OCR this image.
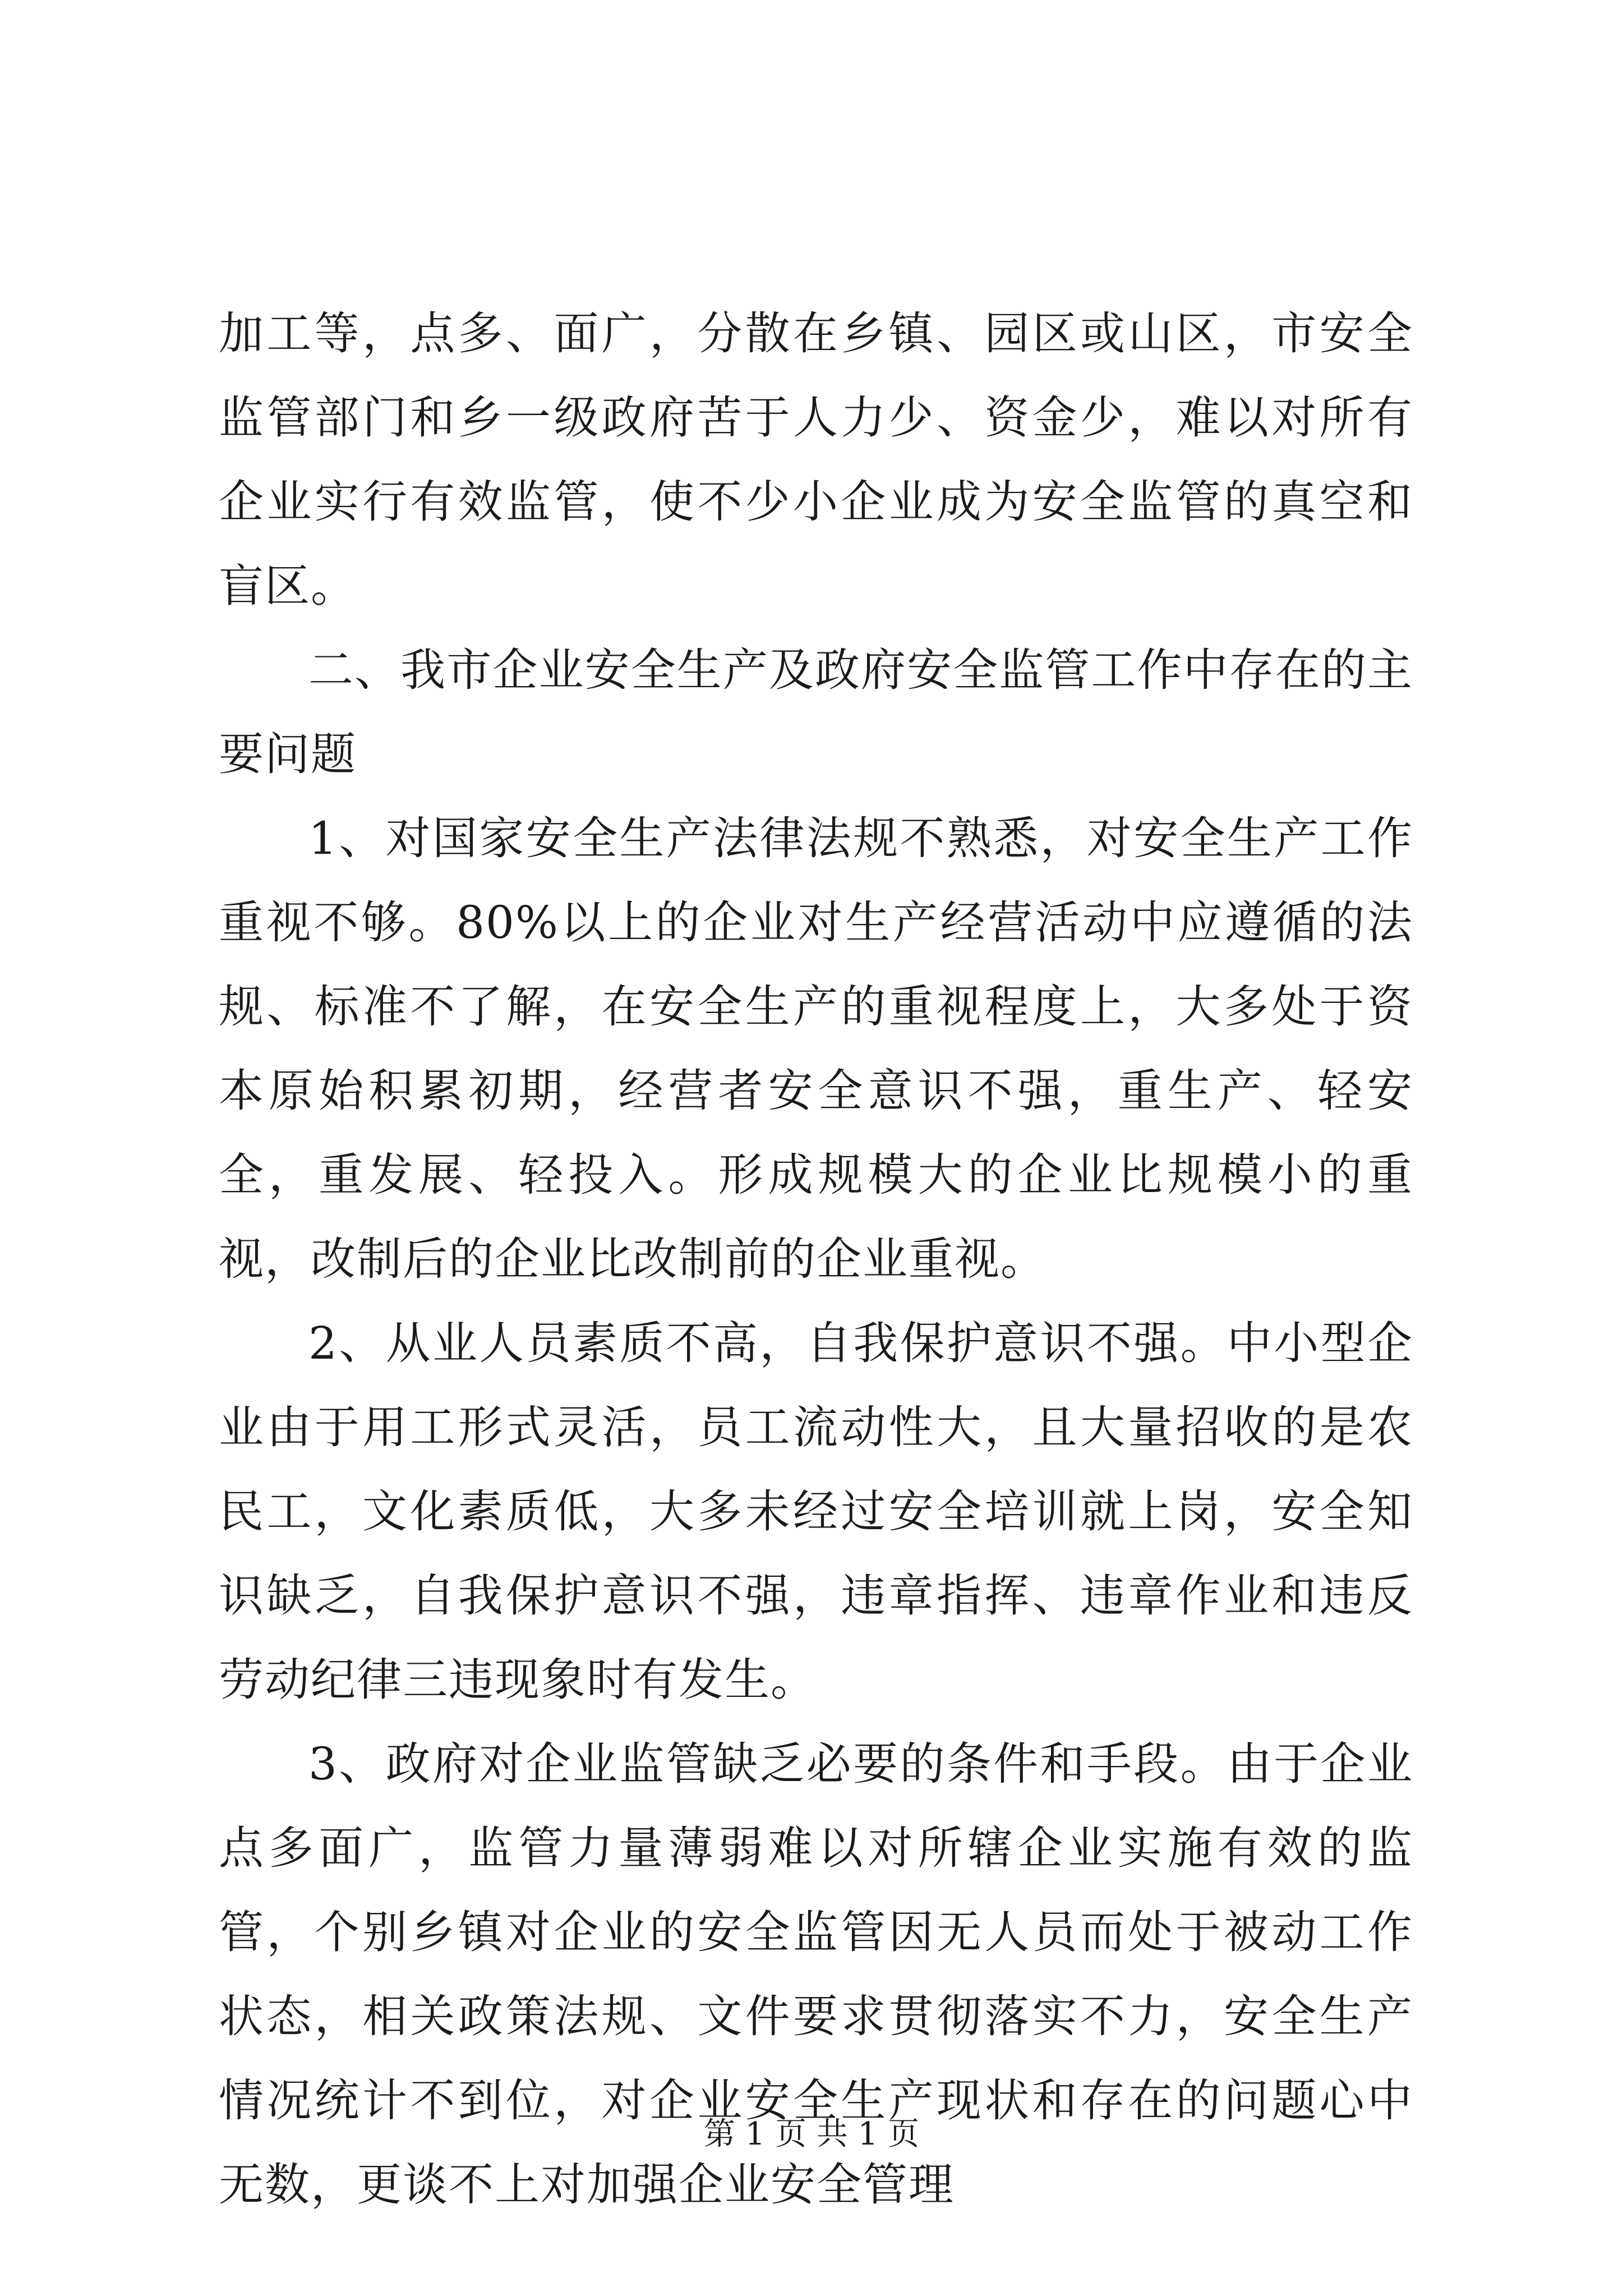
加工等，点多、面广，分散在乡镇、园区或山区，市安全监管部门和乡一级政府苦于人力少、资金少，难以对所有企业实行有效监管，使不少小企业成为安全监管的真空和盲区。

二、我市企业安全生产及政府安全监管工作中存在的主要问题

1、对国家安全生产法律法规不熟悉，对安全生产工作重视不够。80%以上的企业对生产经营活动中应遵循的法规、标准不了解，在安全生产的重视程度上，大多处于资本原始积累初期，经营者安全意识不强，重生产、轻安全，重发展、轻投入。形成规模大的企业比规模小的重视，改制后的企业比改制前的企业重视。

2、从业人员素质不高，自我保护意识不强。中小型企业由于用工形式灵活，员工流动性大，且大量招收的是农民工，文化素质低，大多未经过安全培训就上岗，安全知识缺乏，自我保护意识不强，违章指挥、违章作业和违反劳动纪律三违现象时有发生。

3、政府对企业监管缺乏必要的条件和手段。由于企业点多面广，监管力量薄弱难以对所辖企业实施有效的监管，个别乡镇对企业的安全监管因无人员而处于被动工作状态，相关政策法规、文件要求贯彻落实不力，安全生产情况统计不到位，对企业安全生产现状和存在的问题心中无数，更谈不上对加强企业安全管理

第 1 页 共 1 页
